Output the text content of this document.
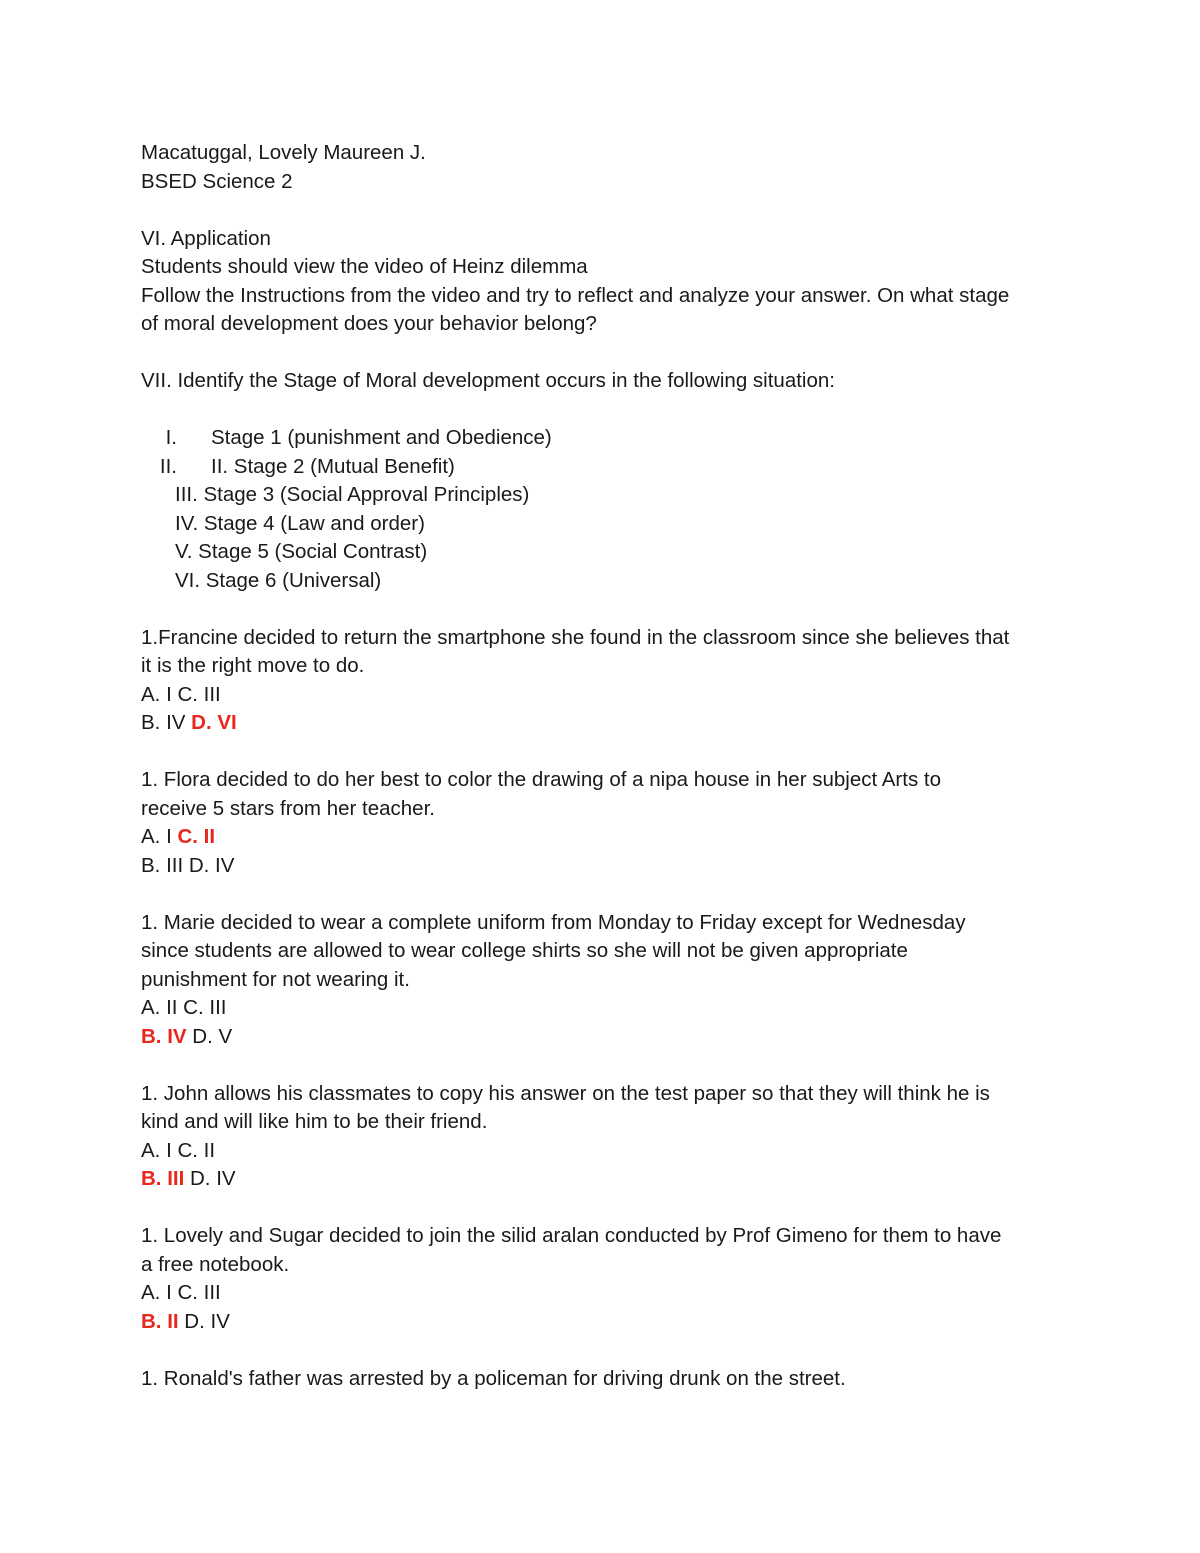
Macatuggal, Lovely Maureen J.
BSED Science 2
VI. Application
Students should view the video of Heinz dilemma
Follow the Instructions from the video and try to reflect and analyze your answer. On what stage
of moral development does your behavior belong?
VII. Identify the Stage of Moral development occurs in the following situation:
I. Stage 1 (punishment and Obedience)
II. II. Stage 2 (Mutual Benefit)
III. Stage 3 (Social Approval Principles)
IV. Stage 4 (Law and order)
V. Stage 5 (Social Contrast)
VI. Stage 6 (Universal)
1.Francine decided to return the smartphone she found in the classroom since she believes that
it is the right move to do.
A. I C. III
B. IV D. VI
1. Flora decided to do her best to color the drawing of a nipa house in her subject Arts to
receive 5 stars from her teacher.
A. I C. II
B. III D. IV
1. Marie decided to wear a complete uniform from Monday to Friday except for Wednesday
since students are allowed to wear college shirts so she will not be given appropriate
punishment for not wearing it.
A. II C. III
B. IV D. V
1. John allows his classmates to copy his answer on the test paper so that they will think he is
kind and will like him to be their friend.
A. I C. II
B. III D. IV
1. Lovely and Sugar decided to join the silid aralan conducted by Prof Gimeno for them to have
a free notebook.
A. I C. III
B. II D. IV
1. Ronald's father was arrested by a policeman for driving drunk on the street.
